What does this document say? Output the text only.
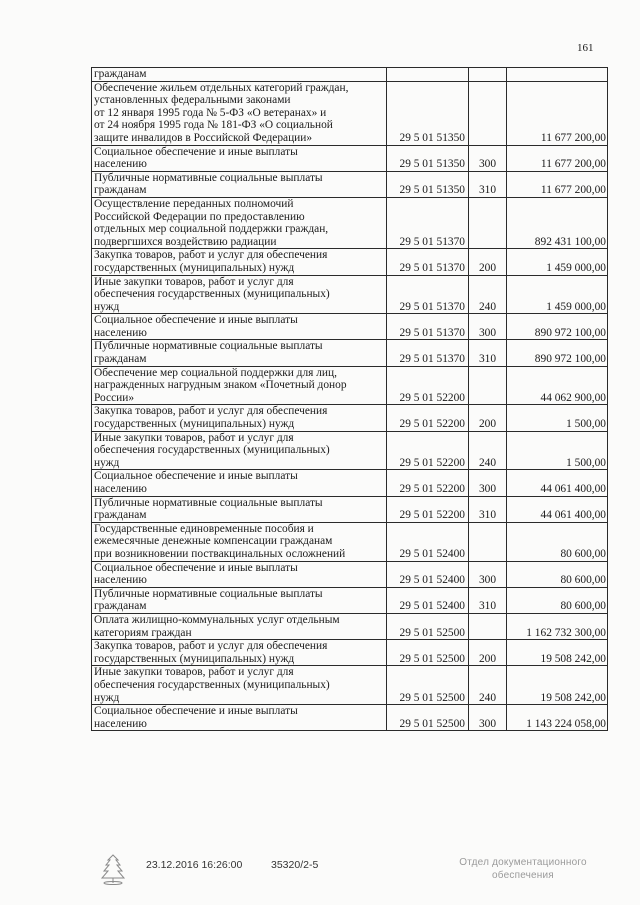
161
гражданам			
Обеспечение жильем отдельных категорий граждан,
установленных федеральными законами
от 12 января 1995 года № 5-ФЗ «О ветеранах» и
от 24 ноября 1995 года № 181-ФЗ «О социальной
защите инвалидов в Российской Федерации»	29 5 01 51350		11 677 200,00
Социальное обеспечение и иные выплаты
населению	29 5 01 51350	300	11 677 200,00
Публичные нормативные социальные выплаты
гражданам	29 5 01 51350	310	11 677 200,00
Осуществление переданных полномочий
Российской Федерации по предоставлению
отдельных мер социальной поддержки граждан,
подвергшихся воздействию радиации	29 5 01 51370		892 431 100,00
Закупка товаров, работ и услуг для обеспечения
государственных (муниципальных) нужд	29 5 01 51370	200	1 459 000,00
Иные закупки товаров, работ и услуг для
обеспечения государственных (муниципальных)
нужд	29 5 01 51370	240	1 459 000,00
Социальное обеспечение и иные выплаты
населению	29 5 01 51370	300	890 972 100,00
Публичные нормативные социальные выплаты
гражданам	29 5 01 51370	310	890 972 100,00
Обеспечение мер социальной поддержки для лиц,
награжденных нагрудным знаком «Почетный донор
России»	29 5 01 52200		44 062 900,00
Закупка товаров, работ и услуг для обеспечения
государственных (муниципальных) нужд	29 5 01 52200	200	1 500,00
Иные закупки товаров, работ и услуг для
обеспечения государственных (муниципальных)
нужд	29 5 01 52200	240	1 500,00
Социальное обеспечение и иные выплаты
населению	29 5 01 52200	300	44 061 400,00
Публичные нормативные социальные выплаты
гражданам	29 5 01 52200	310	44 061 400,00
Государственные единовременные пособия и
ежемесячные денежные компенсации гражданам
при возникновении поствакцинальных осложнений	29 5 01 52400		80 600,00
Социальное обеспечение и иные выплаты
населению	29 5 01 52400	300	80 600,00
Публичные нормативные социальные выплаты
гражданам	29 5 01 52400	310	80 600,00
Оплата жилищно-коммунальных услуг отдельным
категориям граждан	29 5 01 52500		1 162 732 300,00
Закупка товаров, работ и услуг для обеспечения
государственных (муниципальных) нужд	29 5 01 52500	200	19 508 242,00
Иные закупки товаров, работ и услуг для
обеспечения государственных (муниципальных)
нужд	29 5 01 52500	240	19 508 242,00
Социальное обеспечение и иные выплаты
населению	29 5 01 52500	300	1 143 224 058,00
23.12.2016 16:26:00	35320/2-5	Отдел документационного
обеспечения
